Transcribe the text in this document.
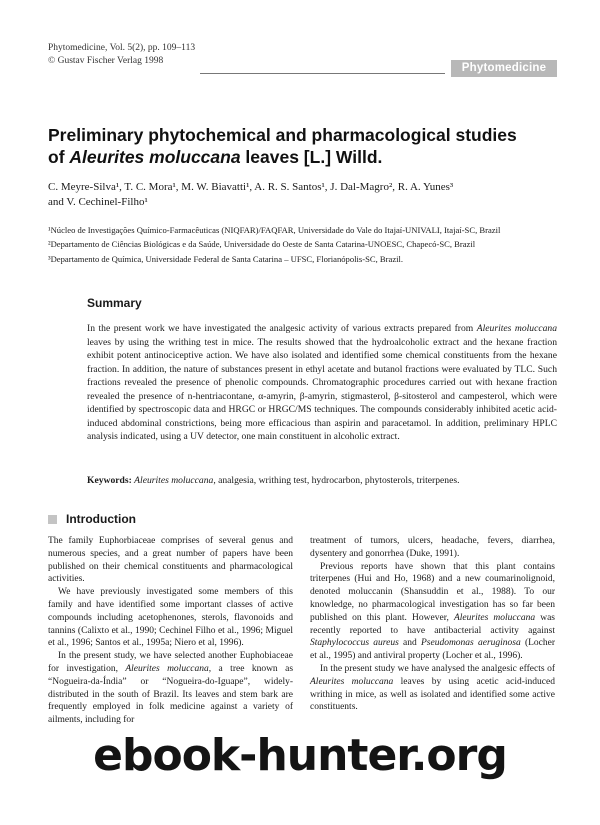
Phytomedicine, Vol. 5(2), pp. 109–113
© Gustav Fischer Verlag 1998
Phytomedicine
Preliminary phytochemical and pharmacological studies
of Aleurites moluccana leaves [L.] Willd.
C. Meyre-Silva¹, T. C. Mora¹, M. W. Biavatti¹, A. R. S. Santos¹, J. Dal-Magro², R. A. Yunes³
and V. Cechinel-Filho¹
¹Núcleo de Investigações Químico-Farmacêuticas (NIQFAR)/FAQFAR, Universidade do Vale do Itajaí-UNIVALI, Itajaí-SC, Brazil
²Departamento de Ciências Biológicas e da Saúde, Universidade do Oeste de Santa Catarina-UNOESC, Chapecó-SC, Brazil
³Departamento de Química, Universidade Federal de Santa Catarina – UFSC, Florianópolis-SC, Brazil.
Summary
In the present work we have investigated the analgesic activity of various extracts prepared from Aleurites moluccana leaves by using the writhing test in mice. The results showed that the hydroalcoholic extract and the hexane fraction exhibit potent antinociceptive action. We have also isolated and identified some chemical constituents from the hexane fraction. In addition, the nature of substances present in ethyl acetate and butanol fractions were evaluated by TLC. Such fractions revealed the presence of phenolic compounds. Chromatographic procedures carried out with hexane fraction revealed the presence of n-hentriacontane, α-amyrin, β-amyrin, stigmasterol, β-sitosterol and campesterol, which were identified by spectroscopic data and HRGC or HRGC/MS techniques. The compounds considerably inhibited acetic acid-induced abdominal constrictions, being more efficacious than aspirin and paracetamol. In addition, preliminary HPLC analysis indicated, using a UV detector, one main constituent in alcoholic extract.
Keywords: Aleurites moluccana, analgesia, writhing test, hydrocarbon, phytosterols, triterpenes.
Introduction

The family Euphorbiaceae comprises of several genus and numerous species, and a great number of papers have been published on their chemical constituents and pharmacological activities.

We have previously investigated some members of this family and have identified some important classes of active compounds including acetophenones, sterols, flavonoids and tannins (Calixto et al., 1990; Cechinel Filho et al., 1996; Miguel et al., 1996; Santos et al., 1995a; Niero et al, 1996).

In the present study, we have selected another Euphobiaceae for investigation, Aleurites moluccana, a tree known as “Nogueira-da-Índia” or “Nogueira-do-Iguape”, widely-distributed in the south of Brazil. Its leaves and stem bark are frequently employed in folk medicine against a variety of ailments, including for

treatment of tumors, ulcers, headache, fevers, diarrhea, dysentery and gonorrhea (Duke, 1991).

Previous reports have shown that this plant contains triterpenes (Hui and Ho, 1968) and a new coumarinolignoid, denoted moluccanin (Shansuddin et al., 1988). To our knowledge, no pharmacological investigation has so far been published on this plant. However, Aleurites moluccana was recently reported to have antibacterial activity against Staphylococcus aureus and Pseudomonas aeruginosa (Locher et al., 1995) and antiviral property (Locher et al., 1996).

In the present study we have analysed the analgesic effects of Aleurites moluccana leaves by using acetic acid-induced writhing in mice, as well as isolated and identified some active constituents.

ebook-hunter.org
